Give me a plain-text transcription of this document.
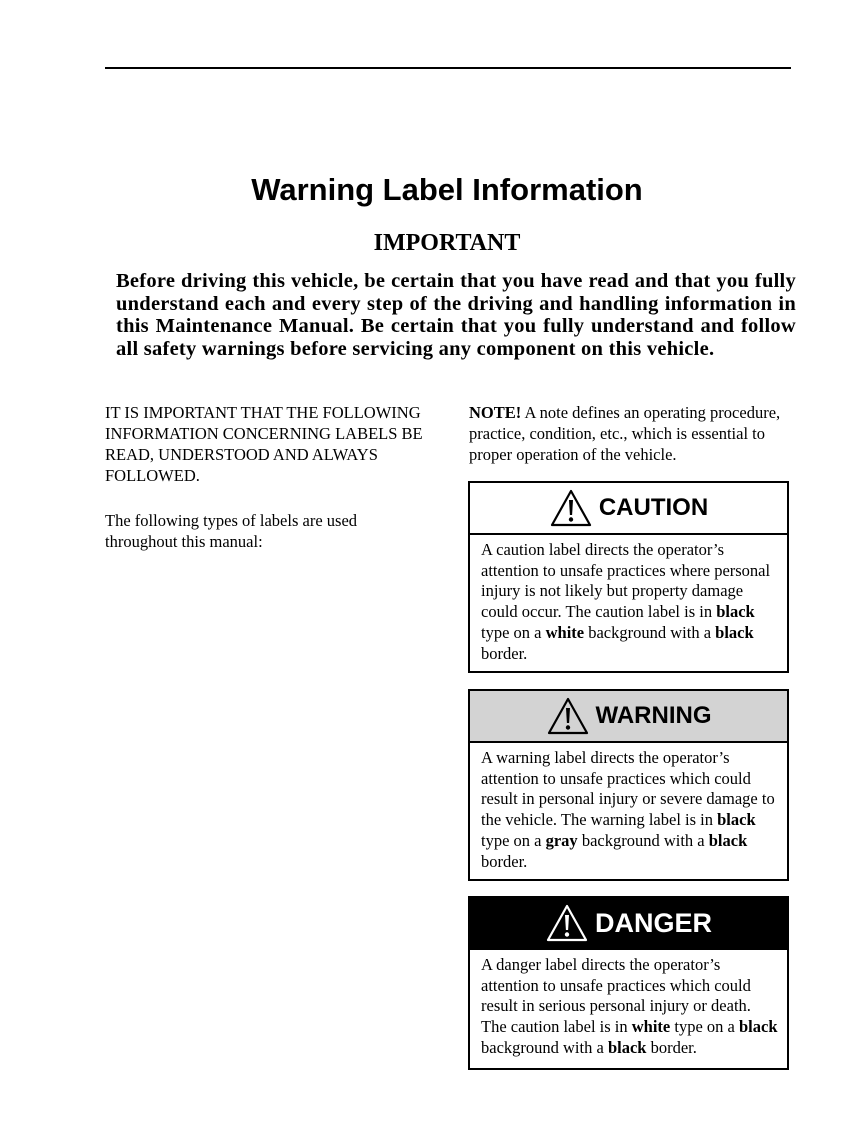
Warning Label Information
IMPORTANT

Before driving this vehicle, be certain that you have read and that you fully understand each and every step of the driving and handling information in this Maintenance Manual. Be certain that you fully understand and follow all safety warnings before servicing any component on this vehicle.

IT IS IMPORTANT THAT THE FOLLOWING INFORMATION CONCERNING LABELS BE READ, UNDERSTOOD AND ALWAYS FOLLOWED.

The following types of labels are used throughout this manual:

NOTE! A note defines an operating procedure, practice, condition, etc., which is essential to proper operation of the vehicle.

CAUTION

A caution label directs the operator’s attention to unsafe practices where personal injury is not likely but property damage could occur. The caution label is in black type on a white background with a black border.

WARNING

A warning label directs the operator’s attention to unsafe practices which could result in personal injury or severe damage to the vehicle. The warning label is in black type on a gray background with a black border.

DANGER

A danger label directs the operator’s attention to unsafe practices which could result in serious personal injury or death. The caution label is in white type on a black background with a black border.
